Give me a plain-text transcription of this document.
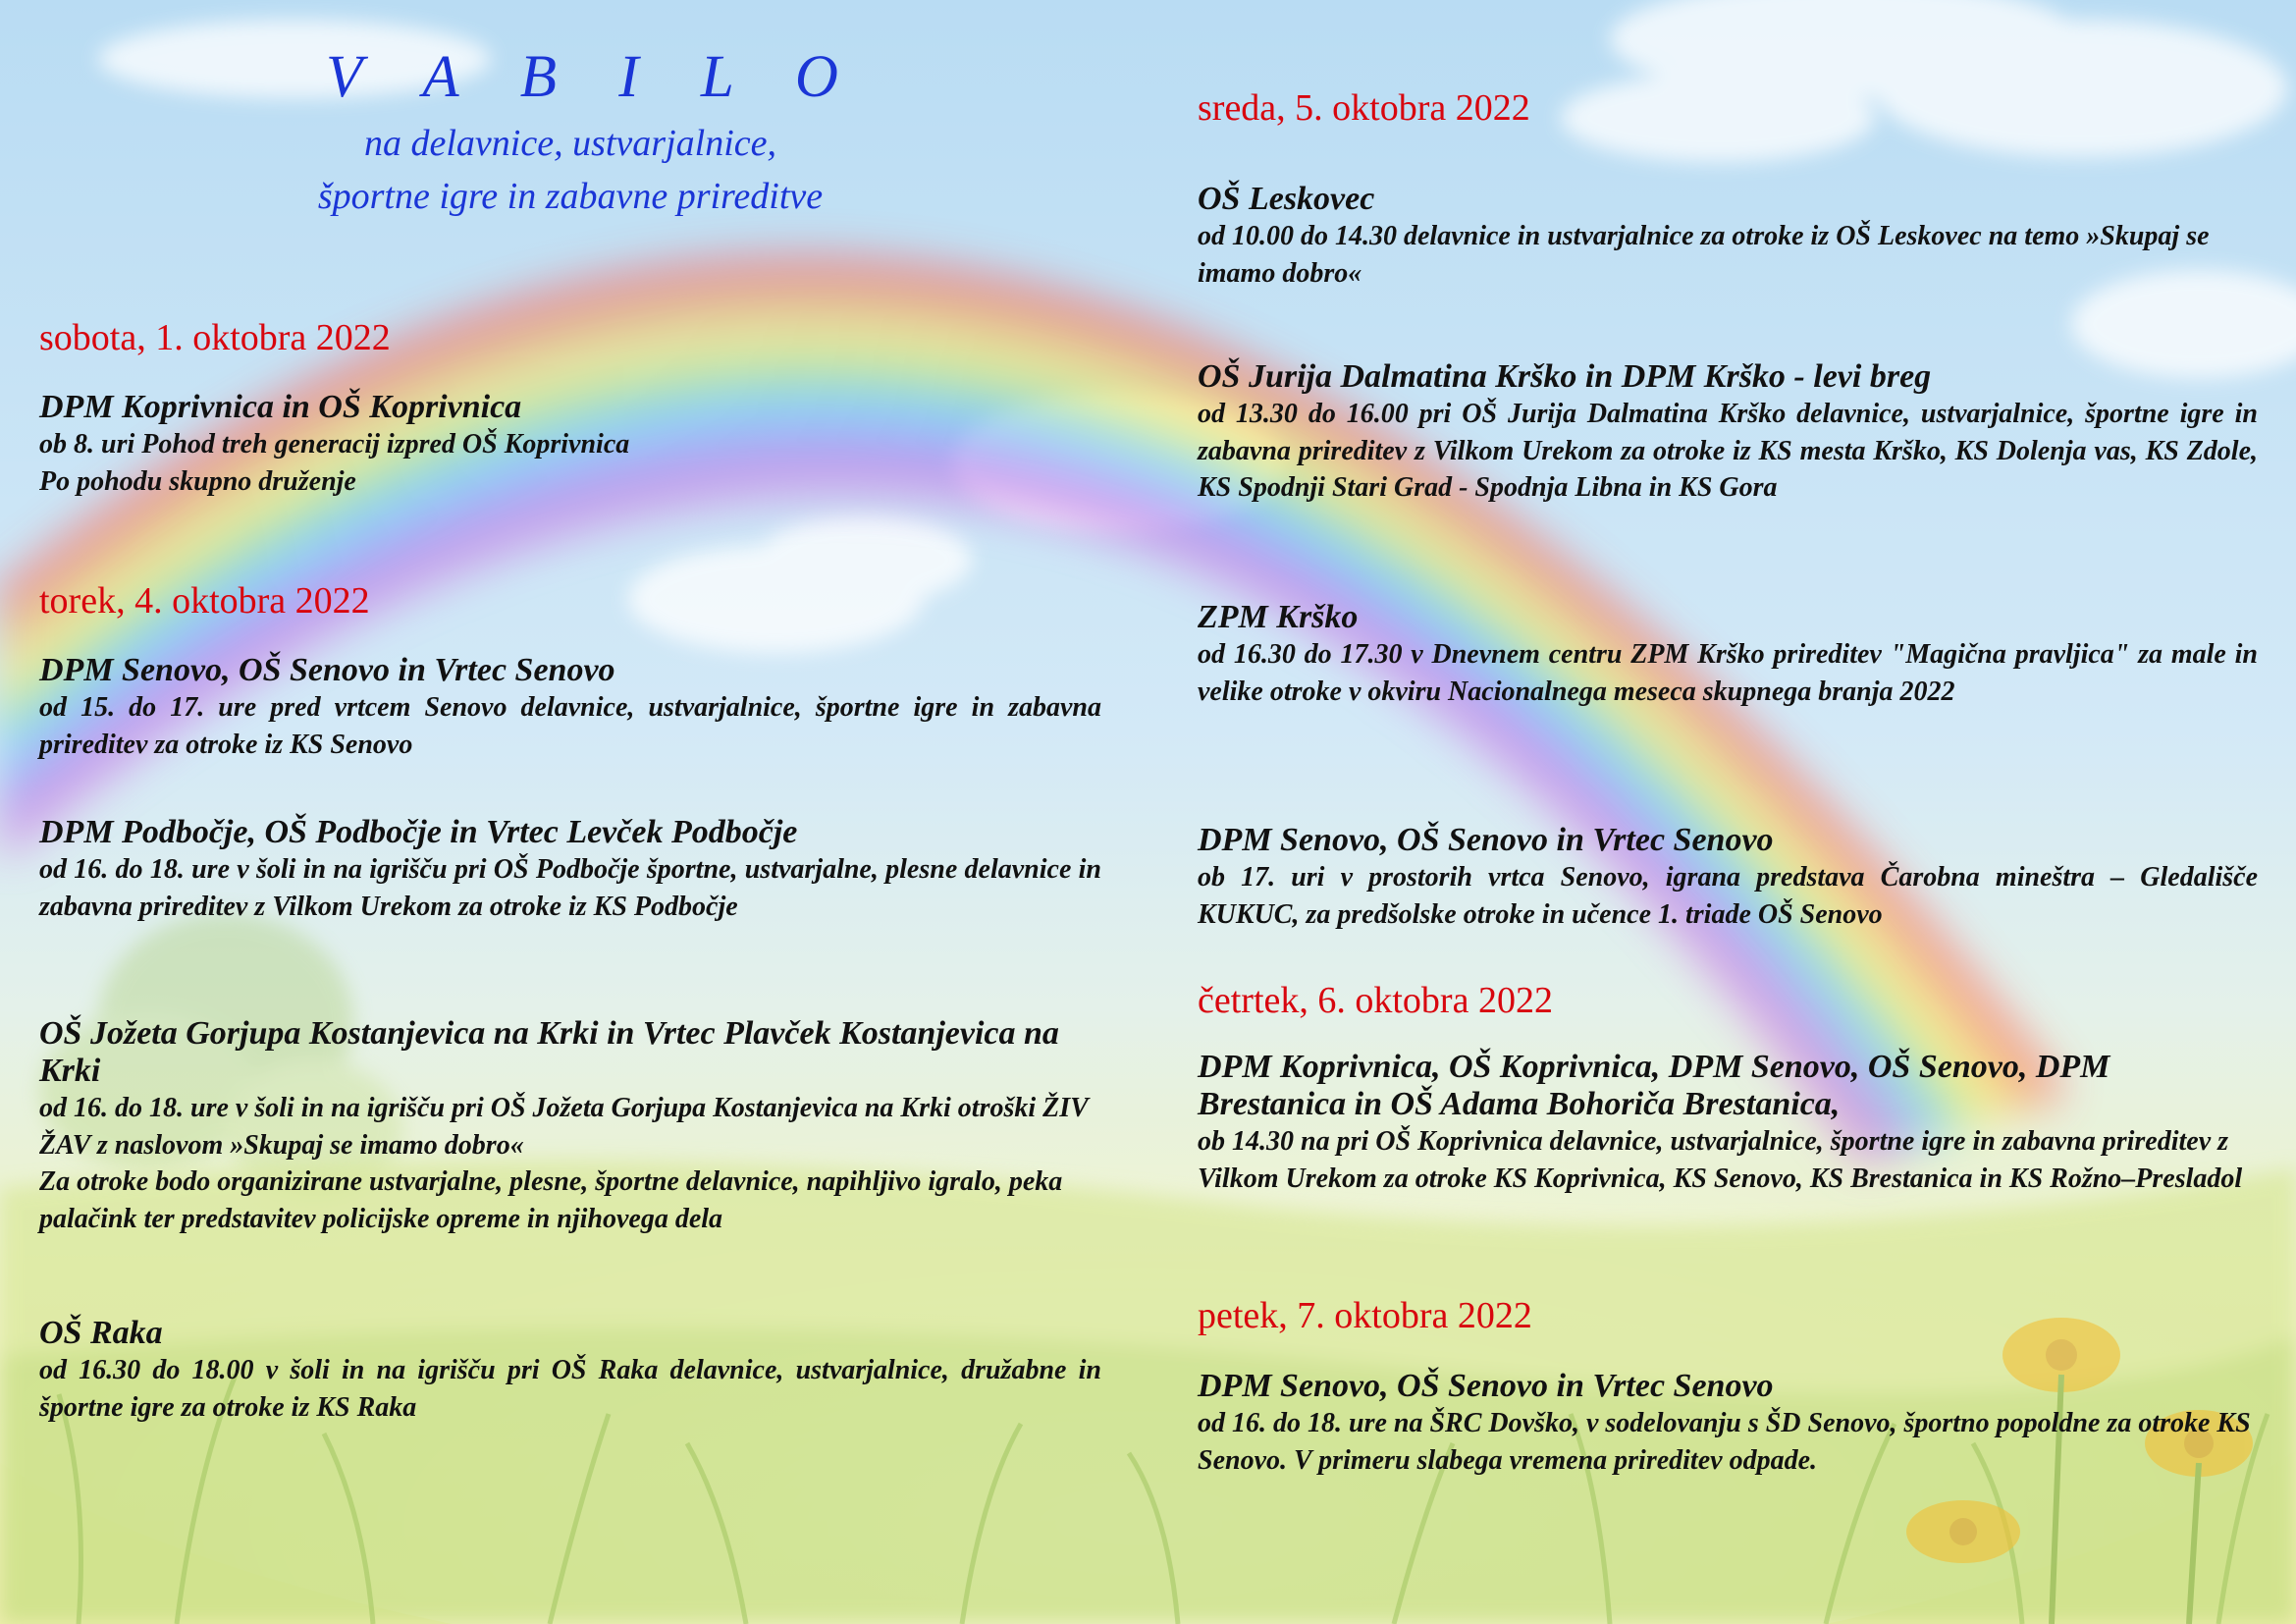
V A B I L O
na delavnice, ustvarjalnice,
športne igre in zabavne prireditve
sobota, 1. oktobra 2022
DPM Koprivnica in OŠ Koprivnica
ob 8. uri Pohod treh generacij izpred OŠ Koprivnica
Po pohodu skupno druženje
torek, 4. oktobra 2022
DPM Senovo, OŠ Senovo in Vrtec Senovo
od 15. do 17. ure pred vrtcem Senovo delavnice, ustvarjalnice, športne igre in zabavna prireditev za otroke iz KS Senovo
DPM Podbočje, OŠ Podbočje in Vrtec Levček Podbočje
od 16. do 18. ure v šoli in na igrišču pri OŠ Podbočje športne, ustvarjalne, plesne delavnice in zabavna prireditev z Vilkom Urekom za otroke iz KS Podbočje
OŠ Jožeta Gorjupa Kostanjevica na Krki in Vrtec Plavček Kostanjevica na Krki
od 16. do 18. ure v šoli in na igrišču pri OŠ Jožeta Gorjupa Kostanjevica na Krki otroški ŽIV ŽAV z naslovom »Skupaj se imamo dobro«
Za otroke bodo organizirane ustvarjalne, plesne, športne delavnice, napihljivo igralo, peka palačink ter predstavitev policijske opreme in njihovega dela
OŠ Raka
od 16.30 do 18.00 v šoli in na igrišču pri OŠ Raka delavnice, ustvarjalnice, družabne in športne igre za otroke iz KS Raka
sreda, 5. oktobra 2022
OŠ Leskovec
od 10.00 do 14.30 delavnice in ustvarjalnice za otroke iz OŠ Leskovec na temo »Skupaj se imamo dobro«
OŠ Jurija Dalmatina Krško in DPM Krško - levi breg
od 13.30 do 16.00 pri OŠ Jurija Dalmatina Krško delavnice, ustvarjalnice, športne igre in zabavna prireditev z Vilkom Urekom za otroke iz KS mesta Krško, KS Dolenja vas, KS Zdole, KS Spodnji Stari Grad - Spodnja Libna in KS Gora
ZPM Krško
od 16.30 do 17.30 v Dnevnem centru ZPM Krško prireditev "Magična pravljica" za male in velike otroke v okviru Nacionalnega meseca skupnega branja 2022
DPM Senovo, OŠ Senovo in Vrtec Senovo
ob 17. uri v prostorih vrtca Senovo, igrana predstava Čarobna mineštra – Gledališče KUKUC, za predšolske otroke in učence 1. triade OŠ Senovo
četrtek, 6. oktobra 2022
DPM Koprivnica, OŠ Koprivnica, DPM Senovo, OŠ Senovo, DPM Brestanica in OŠ Adama Bohoriča Brestanica,
ob 14.30 na pri OŠ Koprivnica delavnice, ustvarjalnice, športne igre in zabavna prireditev z Vilkom Urekom za otroke KS Koprivnica, KS Senovo, KS Brestanica in KS Rožno–Presladol
petek, 7. oktobra 2022
DPM Senovo, OŠ Senovo in Vrtec Senovo
od 16. do 18. ure na ŠRC Dovško, v sodelovanju s ŠD Senovo, športno popoldne za otroke KS Senovo. V primeru slabega vremena prireditev odpade.
